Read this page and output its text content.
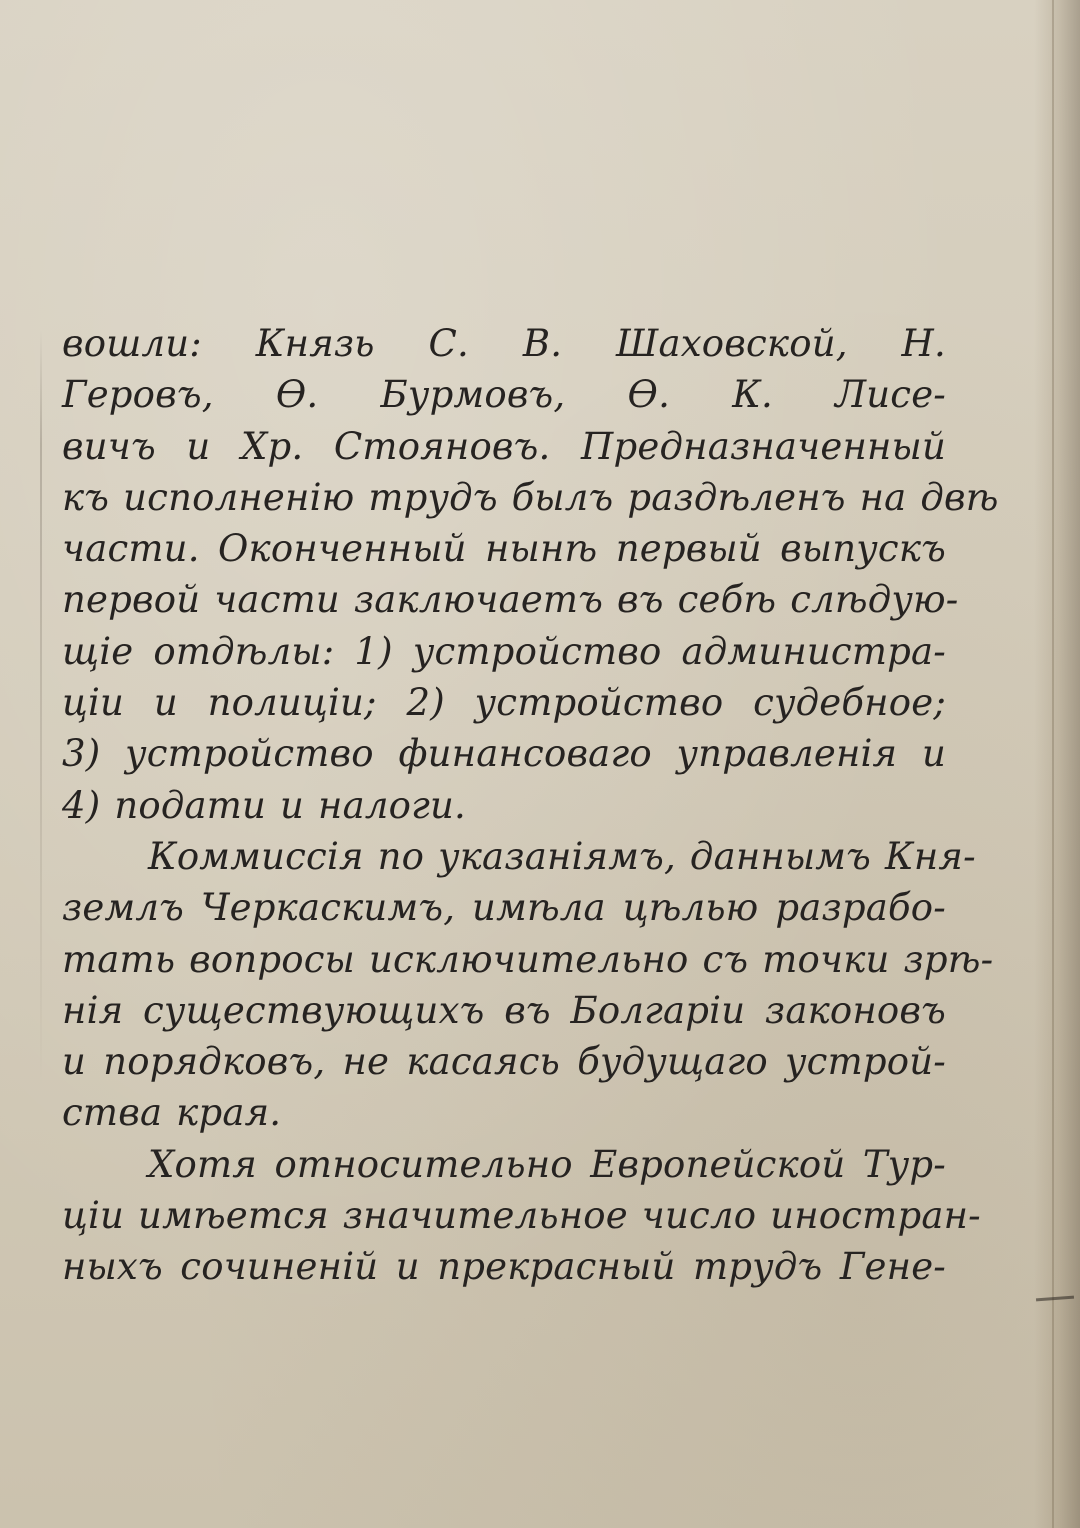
вошли: Князь С. В. Шаховской, Н.
Геровъ, Ѳ. Бурмовъ, Ѳ. К. Лисе-
вичъ и Хр. Стояновъ. Предназначенный
къ исполненію трудъ былъ раздѣленъ на двѣ
части. Оконченный нынѣ первый выпускъ
первой части заключаетъ въ себѣ слѣдую-
щіе отдѣлы: 1) устройство администра-
ціи и полиціи; 2) устройство судебное;
3) устройство финансоваго управленія и
4) подати и налоги.
Коммиссія по указаніямъ, даннымъ Кня-
землъ Черкаскимъ, имѣла цѣлью разрабо-
тать вопросы исключительно съ точки зрѣ-
нія существующихъ въ Болгаріи законовъ
и порядковъ, не касаясь будущаго устрой-
ства края.
Хотя относительно Европейской Тур-
ціи имѣется значительное число иностран-
ныхъ сочиненій и прекрасный трудъ Гене-
